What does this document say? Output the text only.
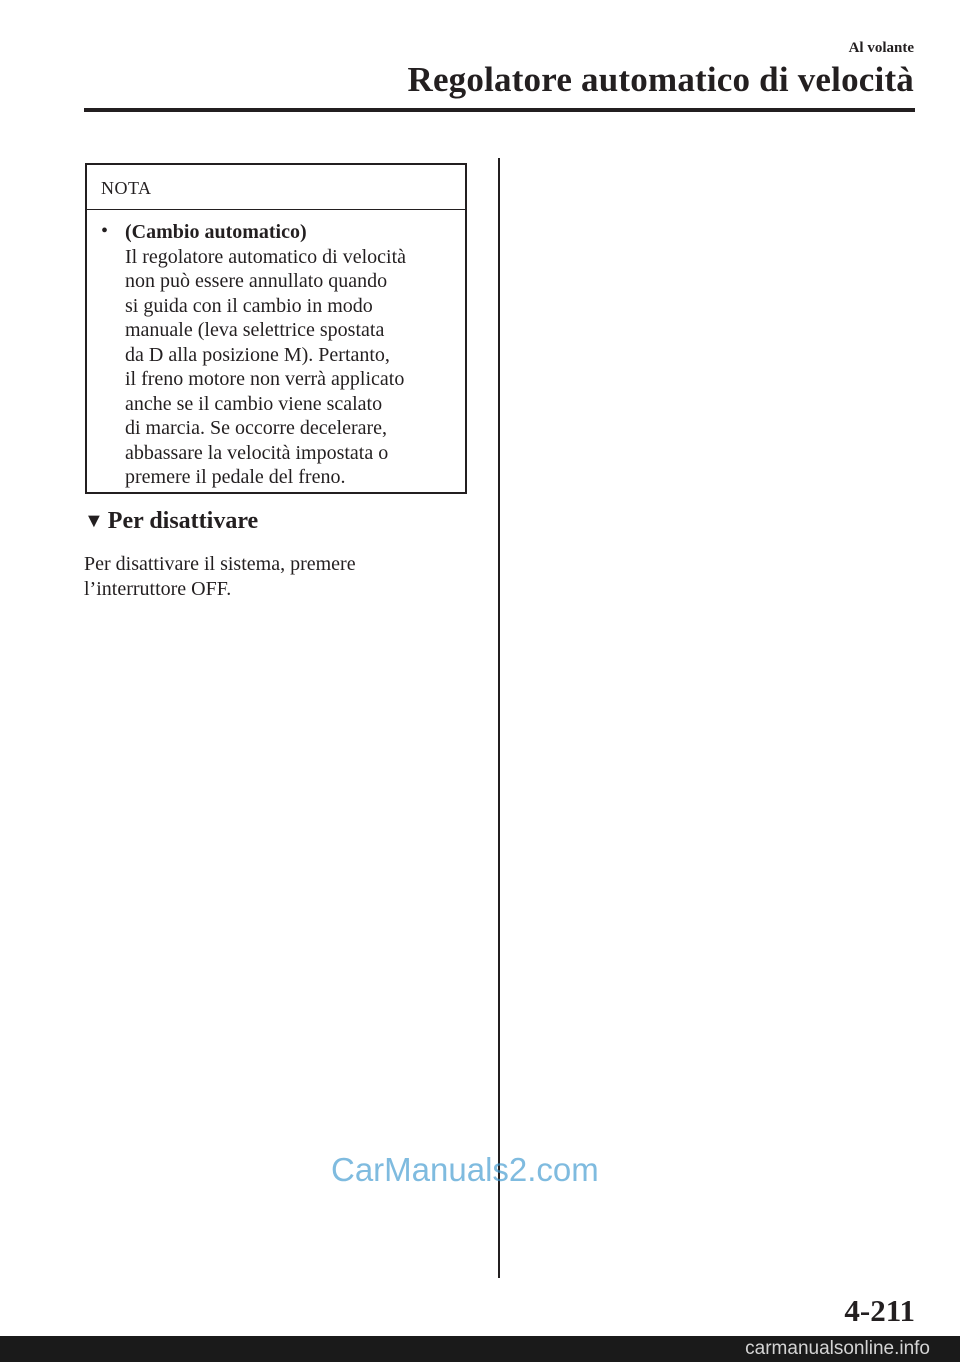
Al volante
Regolatore automatico di velocità
NOTA
• (Cambio automatico)
Il regolatore automatico di velocità
non può essere annullato quando
si guida con il cambio in modo
manuale (leva selettrice spostata
da D alla posizione M). Pertanto,
il freno motore non verrà applicato
anche se il cambio viene scalato
di marcia. Se occorre decelerare,
abbassare la velocità impostata o
premere il pedale del freno.
▼ Per disattivare

Per disattivare il sistema, premere
l’interruttore OFF.

CarManuals2.com
4-211
carmanualsonline.info
